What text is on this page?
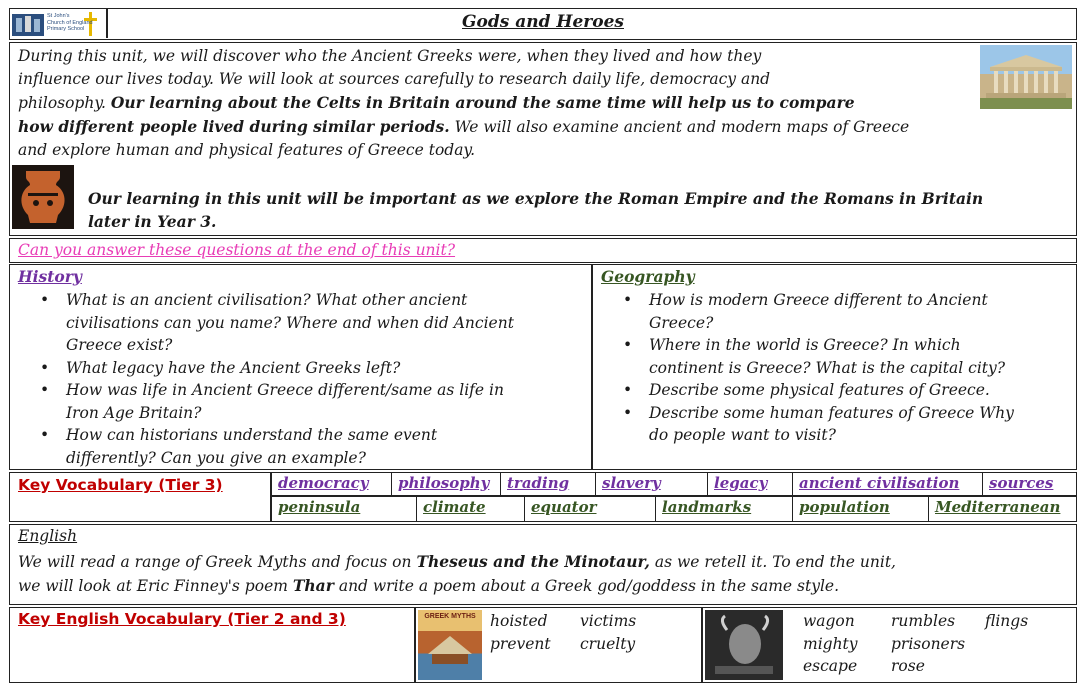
St John's
Church of England
Primary School	Gods and Heroes
During this unit, we will discover who the Ancient Greeks were, when they lived and how they
influence our lives today. We will look at sources carefully to research daily life, democracy and
philosophy. Our learning about the Celts in Britain around the same time will help us to compare
how different people lived during similar periods. We will also examine ancient and modern maps of Greece
and explore human and physical features of Greece today.
Our learning in this unit will be important as we explore the Roman Empire and the Romans in Britain
later in Year 3.
Can you answer these questions at the end of this unit?
History
• What is an ancient civilisation? What other ancient
civilisations can you name? Where and when did Ancient
Greece exist?
• What legacy have the Ancient Greeks left?
• How was life in Ancient Greece different/same as life in
Iron Age Britain?
• How can historians understand the same event
differently? Can you give an example?
Geography
• How is modern Greece different to Ancient
Greece?
• Where in the world is Greece? In which
continent is Greece? What is the capital city?
• Describe some physical features of Greece.
• Describe some human features of Greece Why
do people want to visit?
Key Vocabulary (Tier 3)	democracy	philosophy	trading	slavery	legacy	ancient civilisation	sources
peninsula	climate	equator	landmarks	population	Mediterranean
English
We will read a range of Greek Myths and focus on Theseus and the Minotaur, as we retell it. To end the unit,
we will look at Eric Finney's poem Thar and write a poem about a Greek god/goddess in the same style.
Key English Vocabulary (Tier 2 and 3)	GREEK MYTHS hoisted victims
prevent cruelty
wagon rumbles flings
mighty prisoners
escape rose
